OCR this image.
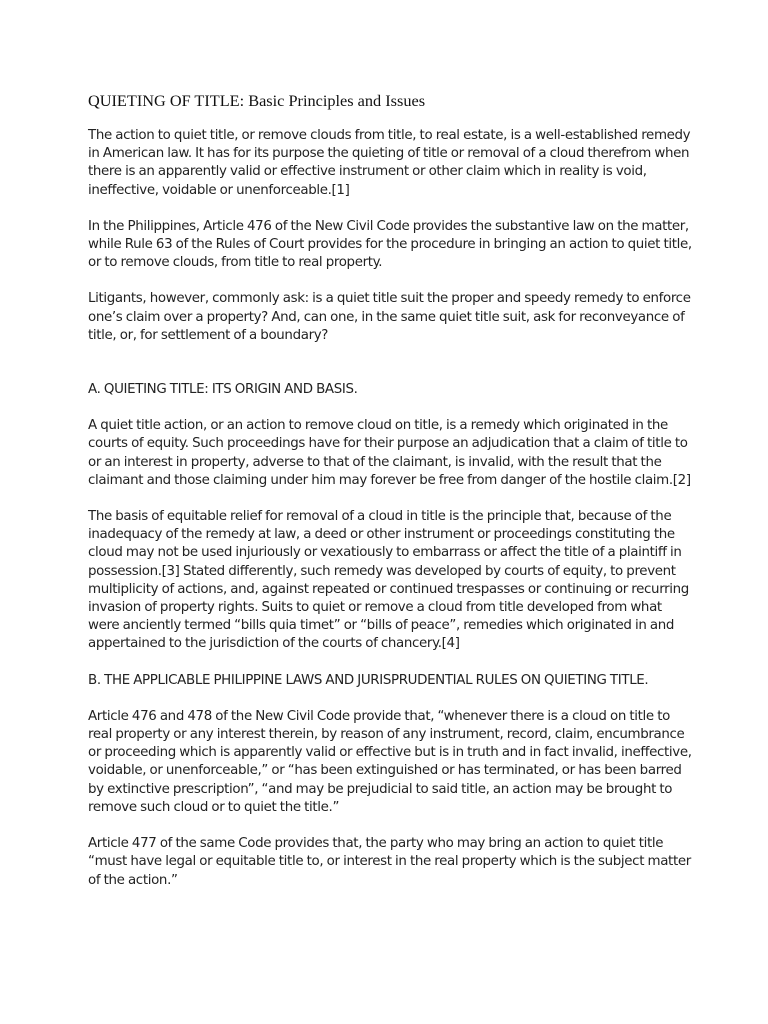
QUIETING OF TITLE: Basic Principles and Issues

The action to quiet title, or remove clouds from title, to real estate, is a well-established remedy in American law. It has for its purpose the quieting of title or removal of a cloud therefrom when there is an apparently valid or effective instrument or other claim which in reality is void, ineffective, voidable or unenforceable.[1]

In the Philippines, Article 476 of the New Civil Code provides the substantive law on the matter, while Rule 63 of the Rules of Court provides for the procedure in bringing an action to quiet title, or to remove clouds, from title to real property.

Litigants, however, commonly ask: is a quiet title suit the proper and speedy remedy to enforce one’s claim over a property? And, can one, in the same quiet title suit, ask for reconveyance of title, or, for settlement of a boundary?

A. QUIETING TITLE: ITS ORIGIN AND BASIS.

A quiet title action, or an action to remove cloud on title, is a remedy which originated in the courts of equity. Such proceedings have for their purpose an adjudication that a claim of title to or an interest in property, adverse to that of the claimant, is invalid, with the result that the claimant and those claiming under him may forever be free from danger of the hostile claim.[2]

The basis of equitable relief for removal of a cloud in title is the principle that, because of the inadequacy of the remedy at law, a deed or other instrument or proceedings constituting the cloud may not be used injuriously or vexatiously to embarrass or affect the title of a plaintiff in possession.[3] Stated differently, such remedy was developed by courts of equity, to prevent multiplicity of actions, and, against repeated or continued trespasses or continuing or recurring invasion of property rights. Suits to quiet or remove a cloud from title developed from what were anciently termed “bills quia timet” or “bills of peace”, remedies which originated in and appertained to the jurisdiction of the courts of chancery.[4]

B. THE APPLICABLE PHILIPPINE LAWS AND JURISPRUDENTIAL RULES ON QUIETING TITLE.

Article 476 and 478 of the New Civil Code provide that, “whenever there is a cloud on title to real property or any interest therein, by reason of any instrument, record, claim, encumbrance or proceeding which is apparently valid or effective but is in truth and in fact invalid, ineffective, voidable, or unenforceable,” or “has been extinguished or has terminated, or has been barred by extinctive prescription”, “and may be prejudicial to said title, an action may be brought to remove such cloud or to quiet the title.”

Article 477 of the same Code provides that, the party who may bring an action to quiet title “must have legal or equitable title to, or interest in the real property which is the subject matter of the action.”
